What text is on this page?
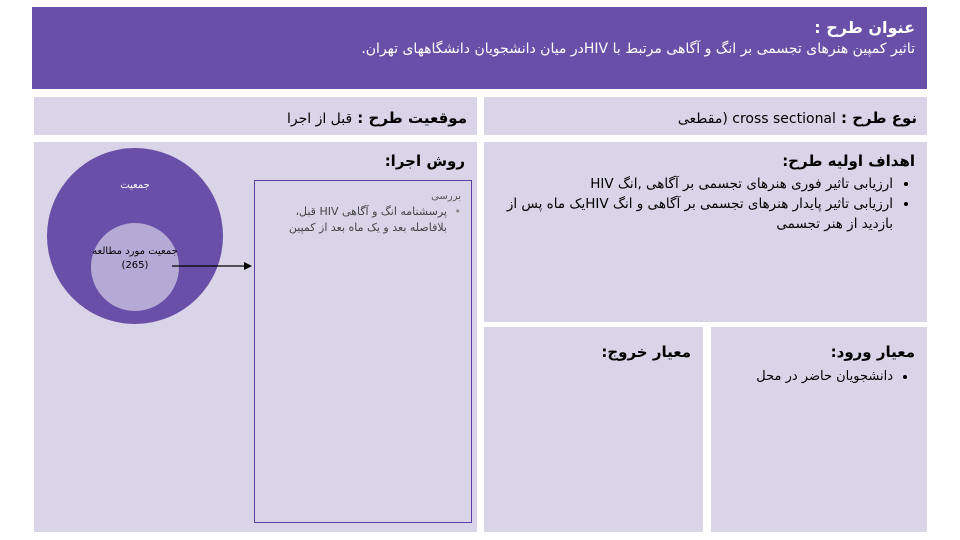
عنوان طرح :
تاثیر کمپین هنرهای تجسمی بر انگ و آگاهی مرتبط با HIVدر میان دانشجویان دانشگاههای تهران.
نوع طرح : cross sectional (مقطعی
موقعیت طرح : قبل از اجرا
اهداف اولیه طرح:
• ارزیابی تاثیر فوری هنرهای تجسمی بر آگاهی ,انگ HIV
• ارزیابی تاثیر پایدار هنرهای تجسمی بر آگاهی و انگ HIVیک ماه پس از بازدید از هنر تجسمی
روش اجرا:
جمعیت
جمعیت مورد مطالعه
(265)
بررسی
•
پرسشنامه انگ و آگاهی HIV قبل، بلافاصله بعد و یک ماه بعد از کمپین
معیار ورود:
• دانشجویان حاضر در محل
معیار خروج:
